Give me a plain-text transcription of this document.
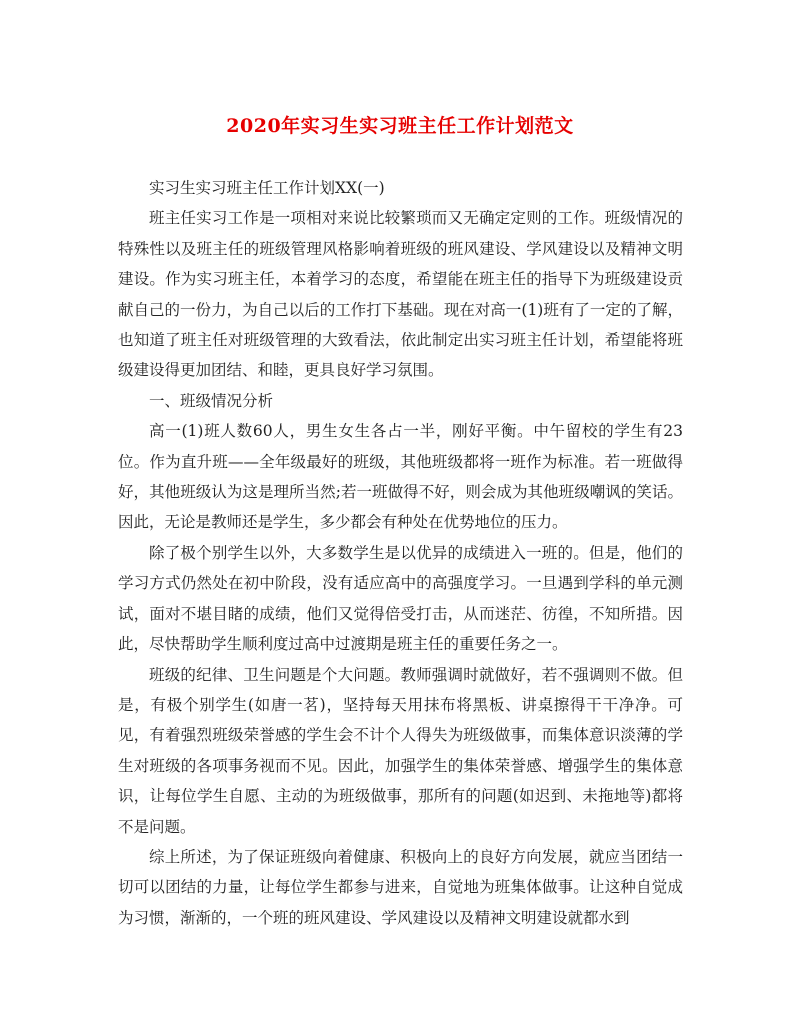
2020年实习生实习班主任工作计划范文

实习生实习班主任工作计划XX(一)

班主任实习工作是一项相对来说比较繁琐而又无确定定则的工作。班级情况的特殊性以及班主任的班级管理风格影响着班级的班风建设、学风建设以及精神文明建设。作为实习班主任，本着学习的态度，希望能在班主任的指导下为班级建设贡献自己的一份力，为自己以后的工作打下基础。现在对高一(1)班有了一定的了解，也知道了班主任对班级管理的大致看法，依此制定出实习班主任计划，希望能将班级建设得更加团结、和睦，更具良好学习氛围。

一、班级情况分析

高一(1)班人数60人，男生女生各占一半，刚好平衡。中午留校的学生有23位。作为直升班——全年级最好的班级，其他班级都将一班作为标准。若一班做得好，其他班级认为这是理所当然;若一班做得不好，则会成为其他班级嘲讽的笑话。因此，无论是教师还是学生，多少都会有种处在优势地位的压力。

除了极个别学生以外，大多数学生是以优异的成绩进入一班的。但是，他们的学习方式仍然处在初中阶段，没有适应高中的高强度学习。一旦遇到学科的单元测试，面对不堪目睹的成绩，他们又觉得倍受打击，从而迷茫、彷徨，不知所措。因此，尽快帮助学生顺利度过高中过渡期是班主任的重要任务之一。

班级的纪律、卫生问题是个大问题。教师强调时就做好，若不强调则不做。但是，有极个别学生(如唐一茗)，坚持每天用抹布将黑板、讲桌擦得干干净净。可见，有着强烈班级荣誉感的学生会不计个人得失为班级做事，而集体意识淡薄的学生对班级的各项事务视而不见。因此，加强学生的集体荣誉感、增强学生的集体意识，让每位学生自愿、主动的为班级做事，那所有的问题(如迟到、未拖地等)都将不是问题。

综上所述，为了保证班级向着健康、积极向上的良好方向发展，就应当团结一切可以团结的力量，让每位学生都参与进来，自觉地为班集体做事。让这种自觉成为习惯，渐渐的，一个班的班风建设、学风建设以及精神文明建设就都水到
